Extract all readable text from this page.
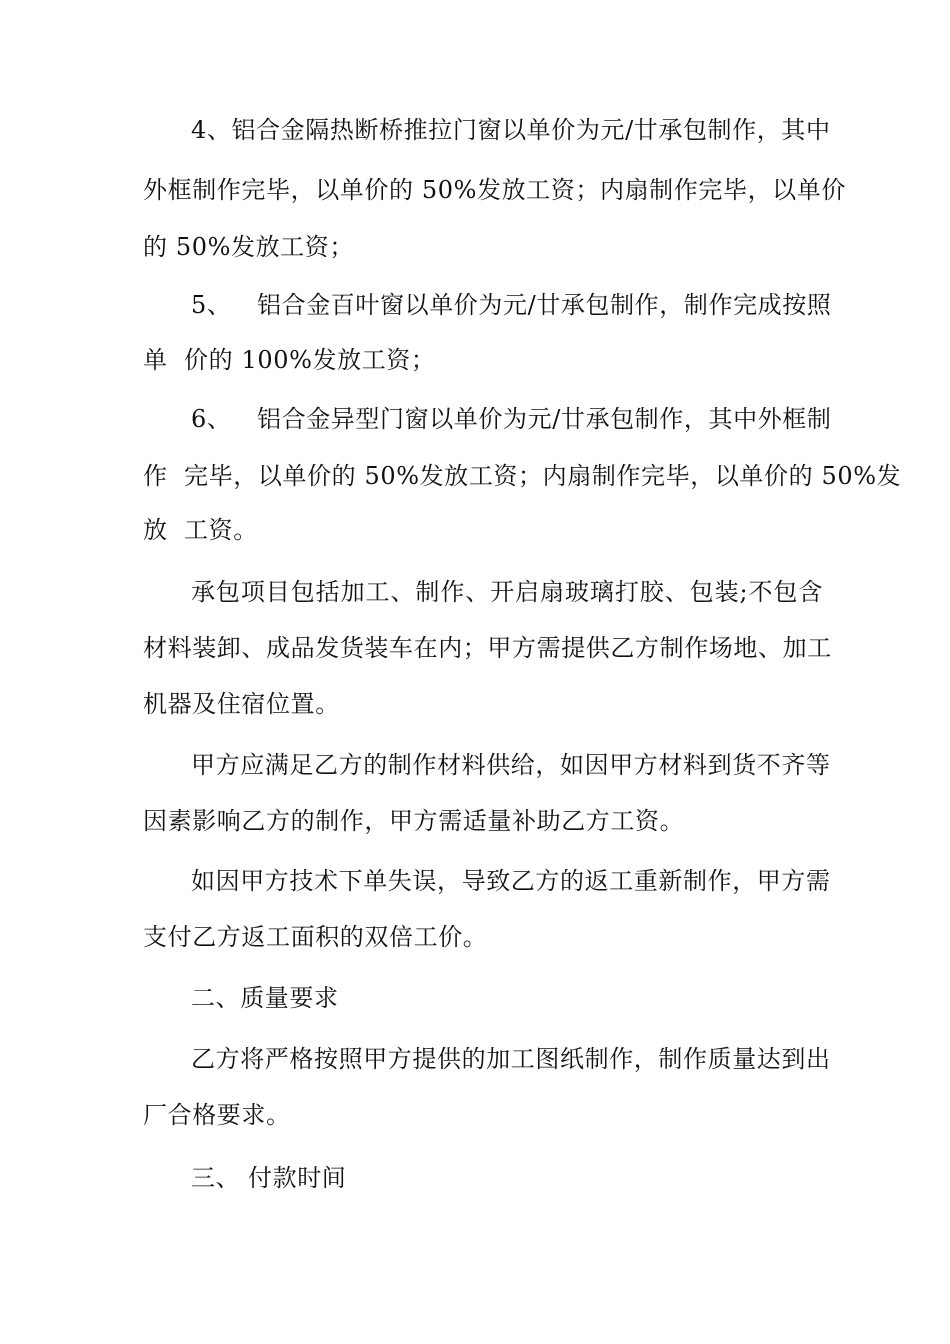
4、铝合金隔热断桥推拉门窗以单价为元/廿承包制作，其中
外框制作完毕，以单价的 50%发放工资；内扇制作完毕，以单价
的 50%发放工资；
5、 铝合金百叶窗以单价为元/廿承包制作，制作完成按照
单  价的 100%发放工资；
6、 铝合金异型门窗以单价为元/廿承包制作，其中外框制
作  完毕，以单价的 50%发放工资；内扇制作完毕，以单价的 50%发
放  工资。
承包项目包括加工、制作、开启扇玻璃打胶、包装;不包含
材料装卸、成品发货装车在内；甲方需提供乙方制作场地、加工
机器及住宿位置。
甲方应满足乙方的制作材料供给，如因甲方材料到货不齐等
因素影响乙方的制作，甲方需适量补助乙方工资。
如因甲方技术下单失误，导致乙方的返工重新制作，甲方需
支付乙方返工面积的双倍工价。
二、质量要求
乙方将严格按照甲方提供的加工图纸制作，制作质量达到出
厂合格要求。
三、 付款时间
